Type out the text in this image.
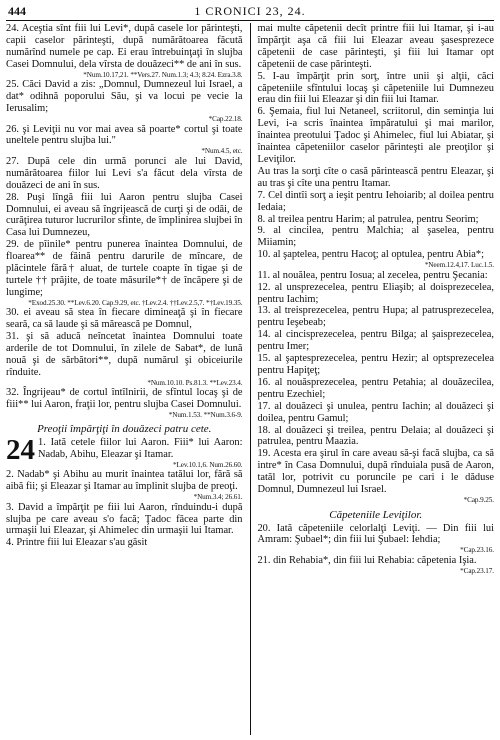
444	1 CRONICI 23, 24.

24. Aceştia sînt fiii lui Levi*, după casele lor părinteşti, capii caselor părinteşti, după numărătoarea făcută numărînd numele pe cap. Ei erau întrebuinţaţi în slujba Casei Domnului, dela vîrsta de douăzeci** de ani în sus.

*Num.10.17,21. **Vers.27. Num.1.3; 4.3; 8.24. Ezra.3.8.

25. Căci David a zis: „Domnul, Dumnezeul lui Israel, a dat* odihnă poporului Său, şi va locui pe vecie la Ierusalim;

*Cap.22.18.

26. şi Leviţii nu vor mai avea să poarte* cortul şi toate uneltele pentru slujba lui."

*Num.4.5, etc.

27. După cele din urmă porunci ale lui David, numărătoarea fiilor lui Levi s'a făcut dela vîrsta de douăzeci de ani în sus.

28. Puşi lîngă fiii lui Aaron pentru slujba Casei Domnului, ei aveau să îngrijească de curţi şi de odăi, de curăţirea tuturor lucrurilor sfinte, de împlinirea slujbei în Casa lui Dumnezeu,

29. de pîinile* pentru punerea înaintea Domnului, de floarea** de făină pentru darurile de mîncare, de plăcintele fără† aluat, de turtele coapte în tigae şi de turtele †† prăjite, de toate măsurile*† de încăpere şi de lungime;

*Exod.25.30. **Lev.6.20. Cap.9.29, etc. †Lev.2.4. ††Lev.2.5,7. *†Lev.19.35.

30. ei aveau să stea în fiecare dimineaţă şi în fiecare seară, ca să laude şi să mărească pe Domnul,

31. şi să aducă neîncetat înaintea Domnului toate arderile de tot Domnului, în zilele de Sabat*, de lună nouă şi de sărbători**, după numărul şi obiceiurile rînduite.

*Num.10.10. Ps.81.3. **Lev.23.4.

32. Îngrijeau* de cortul întîlnirii, de sfîntul locaş şi de fiii** lui Aaron, fraţii lor, pentru slujba Casei Domnului.

*Num.1.53. **Num.3.6-9.
Preoţii împărţiţi în douăzeci patru cete.
24 1. Iată cetele fiilor lui Aaron. Fiii* lui Aaron: Nadab, Abihu, Eleazar şi Itamar.

*Lev.10.1,6. Num.26.60.

2. Nadab* şi Abihu au murit înaintea tatălui lor, fără să aibă fii; şi Eleazar şi Itamar au împlinit slujba de preoţi.

*Num.3.4; 26.61.

3. David a împărţit pe fiii lui Aaron, rînduindu-i după slujba pe care aveau s'o facă; Ţadoc făcea parte din urmaşii lui Eleazar, şi Ahimelec din urmaşii lui Itamar.

4. Printre fiii lui Eleazar s'au găsit

mai multe căpetenii decît printre fiii lui Itamar, şi i-au împărţit aşa că fiii lui Eleazar aveau şasesprezece căpetenii de case părinteşti, şi fiii lui Itamar opt căpetenii de case părinteşti.

5. I-au împărţit prin sorţ, între unii şi alţii, căci căpeteniile sfîntului locaş şi căpeteniile lui Dumnezeu erau din fiii lui Eleazar şi din fiii lui Itamar.

6. Şemaia, fiul lui Netaneel, scriitorul, din seminţia lui Levi, i-a scris înaintea împăratului şi mai marilor, înaintea preotului Ţadoc şi Ahimelec, fiul lui Abiatar, şi înaintea căpeteniilor caselor părinteşti ale preoţilor şi Leviţilor.

Au tras la sorţi cîte o casă părintească pentru Eleazar, şi au tras şi cîte una pentru Itamar.

7. Cel dintîi sorţ a ieşit pentru Iehoiarib; al doilea pentru Iedaia;

8. al treilea pentru Harim; al patrulea, pentru Seorim;

9. al cincilea, pentru Malchia; al şaselea, pentru Miiamin;

10. al şaptelea, pentru Hacoţ; al optulea, pentru Abia*;

*Neem.12.4,17. Luc.1.5.

11. al nouălea, pentru Iosua; al zecelea, pentru Şecania:

12. al unsprezecelea, pentru Eliaşib; al doisprezecelea, pentru Iachim;

13. al treisprezecelea, pentru Hupa; al patrusprezecelea, pentru Ieşebeab;

14. al cincisprezecelea, pentru Bilga; al şaisprezecelea, pentru Imer;

15. al şaptesprezecelea, pentru Hezir; al optsprezecelea pentru Hapiţeţ;

16. al nouăsprezecelea, pentru Petahia; al douăzecilea, pentru Ezechiel;

17. al douăzeci şi unulea, pentru Iachin; al douăzeci şi doilea, pentru Gamul;

18. al douăzeci şi treilea, pentru Delaia; al douăzeci şi patrulea, pentru Maazia.

19. Acesta era şirul în care aveau să-şi facă slujba, ca să intre* în Casa Domnului, după rînduiala pusă de Aaron, tatăl lor, potrivit cu poruncile pe cari i le dăduse Domnul, Dumnezeul lui Israel.

*Cap.9.25.
Căpeteniile Leviţilor.

20. Iată căpeteniile celorlalţi Leviţi. — Din fiii lui Amram: Şubael*; din fiii lui Şubael: Iehdia;

*Cap.23.16.

21. din Rehabia*, din fiii lui Rehabia: căpetenia Işia.

*Cap.23.17.
